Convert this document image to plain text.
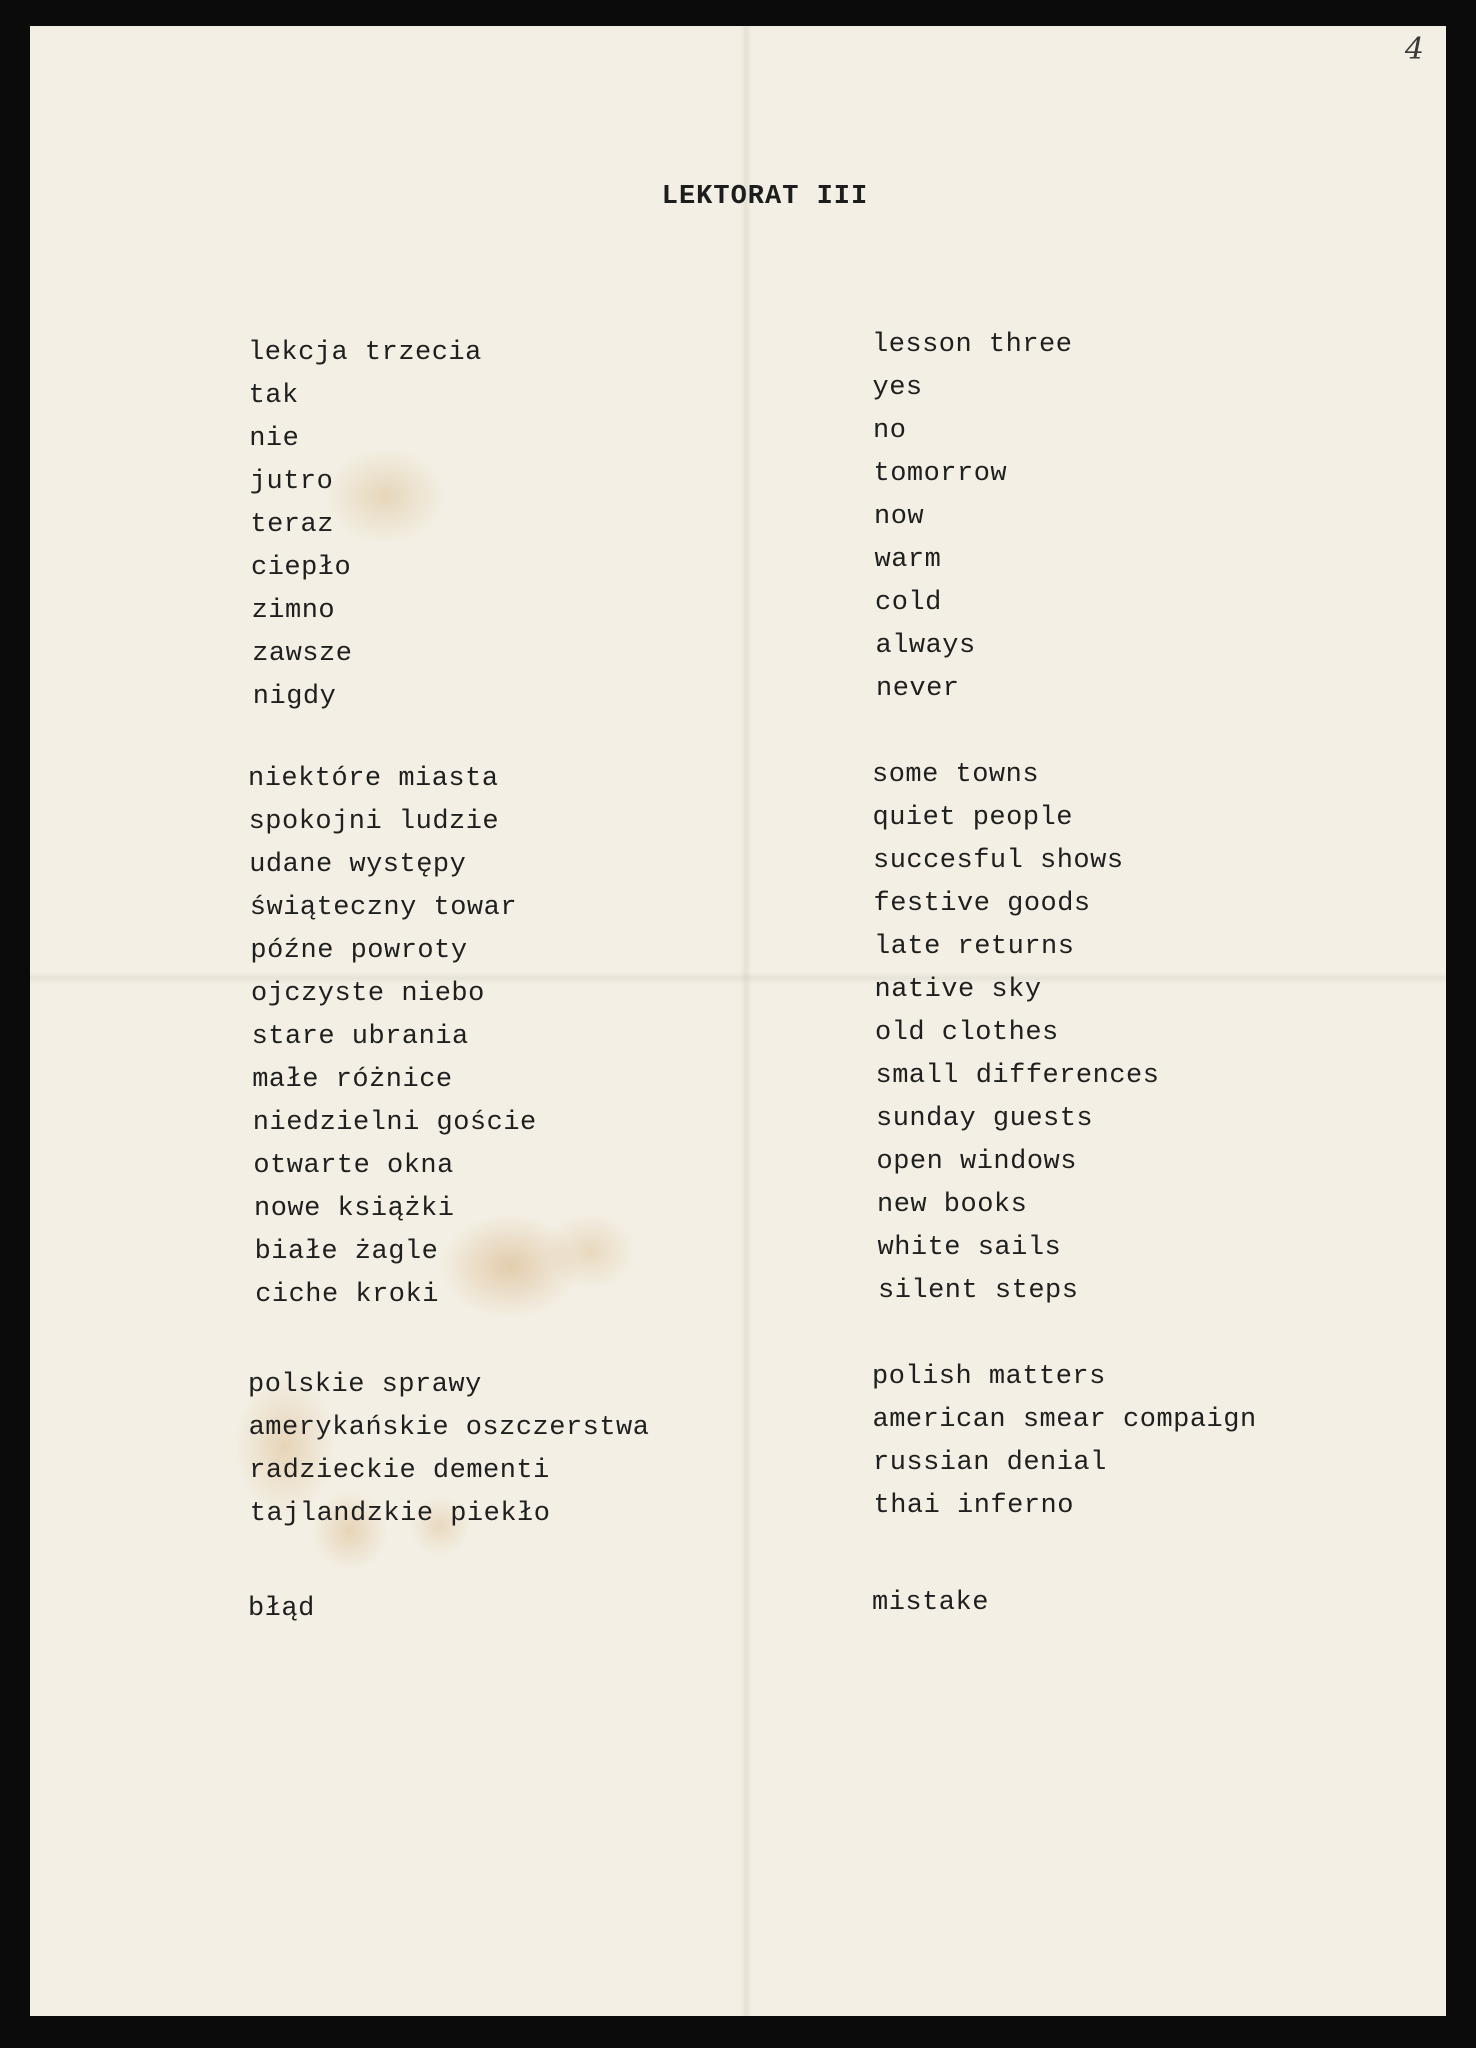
4
LEKTORAT III
lekcja trzecia
tak
nie
jutro
teraz
ciepło
zimno
zawsze
nigdy
niektóre miasta
spokojni ludzie
udane występy
świąteczny towar
późne powroty
ojczyste niebo
stare ubrania
małe różnice
niedzielni goście
otwarte okna
nowe książki
białe żagle
ciche kroki
polskie sprawy
amerykańskie oszczerstwa
radzieckie dementi
tajlandzkie piekło
błąd
lesson three
yes
no
tomorrow
now
warm
cold
always
never
some towns
quiet people
succesful shows
festive goods
late returns
native sky
old clothes
small differences
sunday guests
open windows
new books
white sails
silent steps
polish matters
american smear compaign
russian denial
thai inferno
mistake
